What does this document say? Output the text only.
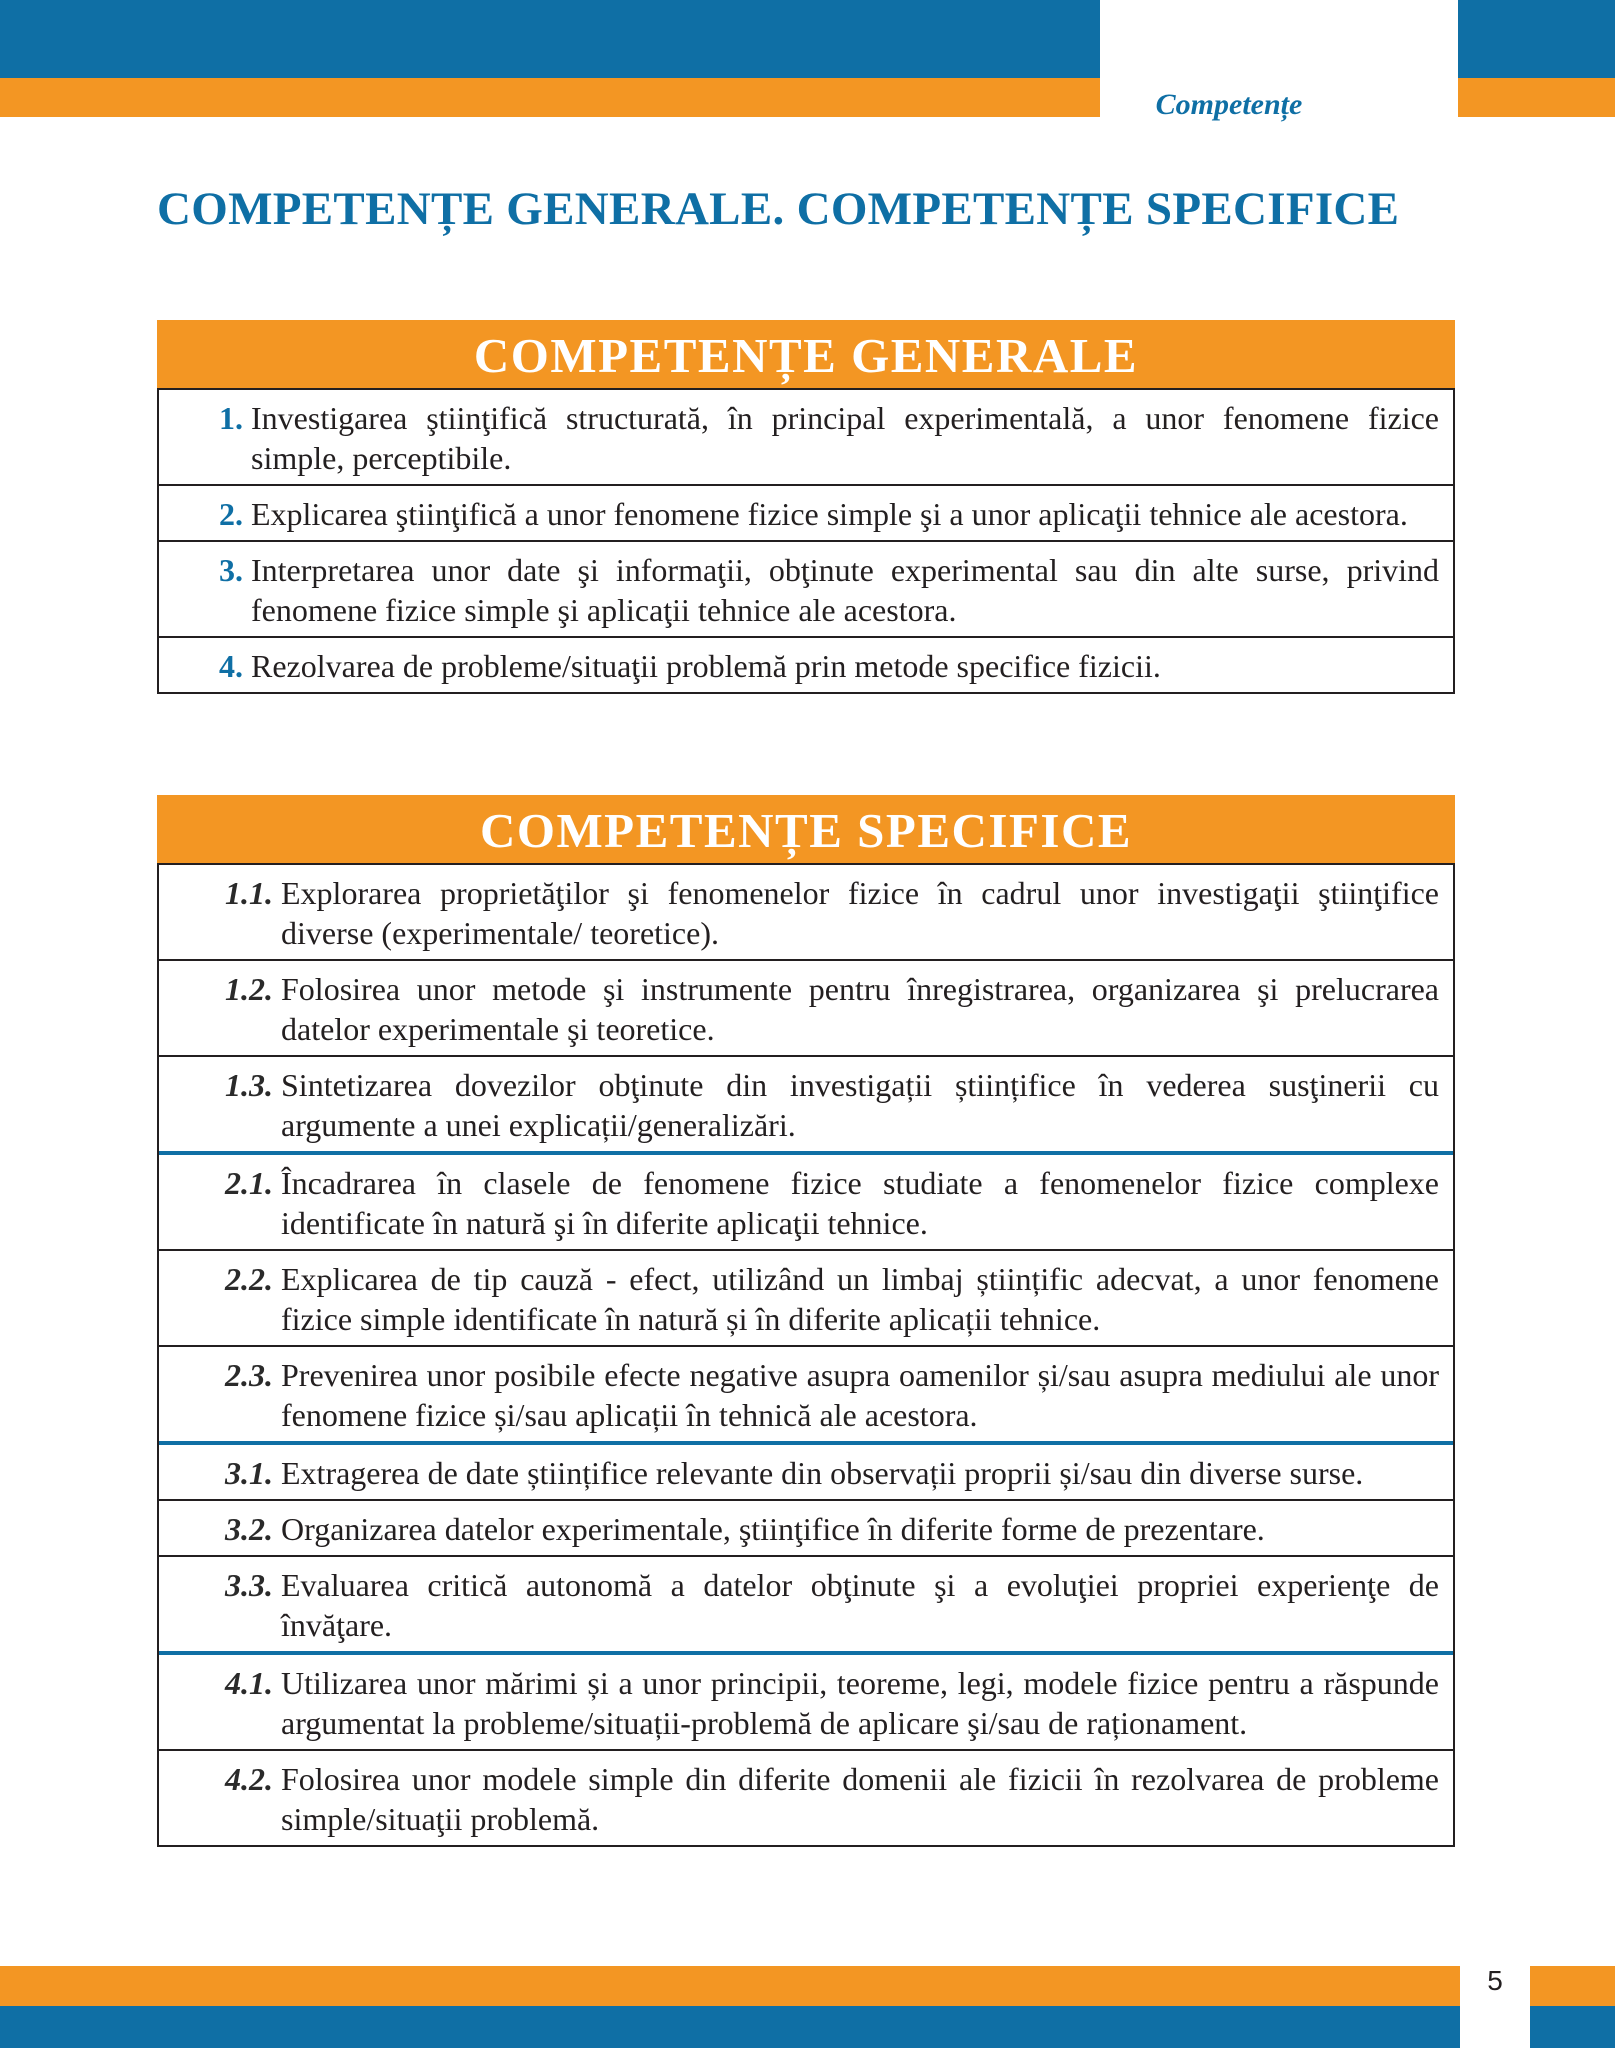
Competențe
COMPETENȚE GENERALE. COMPETENȚE SPECIFICE
COMPETENȚE GENERALE
1. Investigarea ştiinţifică structurată, în principal experimentală, a unor fenomene fizice simple, perceptibile.
2. Explicarea ştiinţifică a unor fenomene fizice simple şi a unor aplicaţii tehnice ale acestora.
3. Interpretarea unor date şi informaţii, obţinute experimental sau din alte surse, privind fenomene fizice simple şi aplicaţii tehnice ale acestora.
4. Rezolvarea de probleme/situaţii problemă prin metode specifice fizicii.
COMPETENȚE SPECIFICE
1.1. Explorarea proprietăţilor şi fenomenelor fizice în cadrul unor investigaţii ştiinţifice diverse (experimentale/ teoretice).
1.2. Folosirea unor metode şi instrumente pentru înregistrarea, organizarea şi prelucrarea datelor experimentale şi teoretice.
1.3. Sintetizarea dovezilor obţinute din investigații științifice în vederea susţinerii cu argumente a unei explicații/generalizări.
2.1. Încadrarea în clasele de fenomene fizice studiate a fenomenelor fizice complexe identificate în natură şi în diferite aplicaţii tehnice.
2.2. Explicarea de tip cauză - efect, utilizând un limbaj științific adecvat, a unor fenomene fizice simple identificate în natură și în diferite aplicații tehnice.
2.3. Prevenirea unor posibile efecte negative asupra oamenilor și/sau asupra mediului ale unor fenomene fizice și/sau aplicații în tehnică ale acestora.
3.1. Extragerea de date științifice relevante din observații proprii și/sau din diverse surse.
3.2. Organizarea datelor experimentale, ştiinţifice în diferite forme de prezentare.
3.3. Evaluarea critică autonomă a datelor obţinute şi a evoluţiei propriei experienţe de învăţare.
4.1. Utilizarea unor mărimi și a unor principii, teoreme, legi, modele fizice pentru a răspunde argumentat la probleme/situații-problemă de aplicare şi/sau de raționament.
4.2. Folosirea unor modele simple din diferite domenii ale fizicii în rezolvarea de probleme simple/situaţii problemă.
5
